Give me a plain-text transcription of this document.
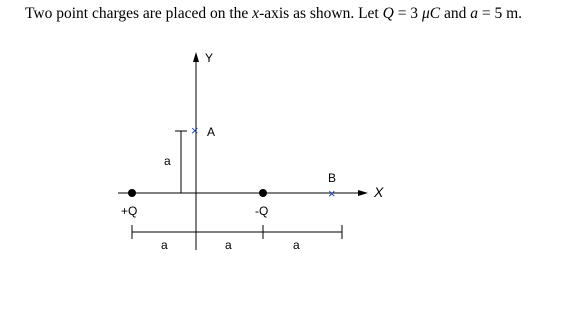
Two point charges are placed on the x-axis as shown. Let Q = 3 μC and a = 5 m.

Y
X
× A
a
B
×
+Q	-Q
a	a	a
